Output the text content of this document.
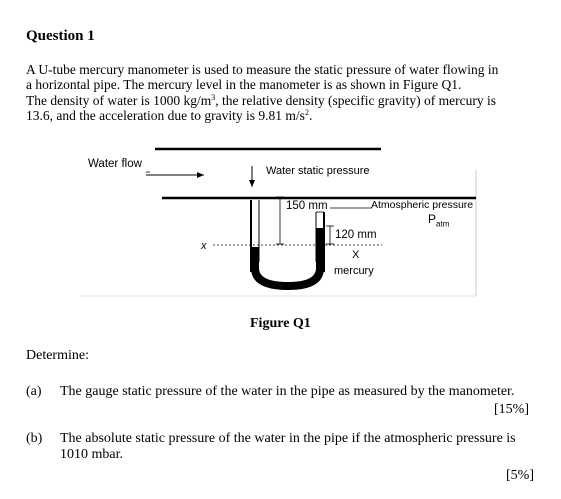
Question 1
A U-tube mercury manometer is used to measure the static pressure of water flowing in
a horizontal pipe. The mercury level in the manometer is as shown in Figure Q1.
The density of water is 1000 $kg/m^3$, the relative density (specific gravity) of mercury is
13.6, and the acceleration due to gravity is 9.81 $m/s^2$.
Water flow
Water static pressure
150 mm
120 mm
Atmospheric pressure
$P_{atm}$
x
X
mercury
Figure Q1
Determine:
(a) The gauge static pressure of the water in the pipe as measured by the manometer.
[15%]
(b) The absolute static pressure of the water in the pipe if the atmospheric pressure is
1010 mbar.
[5%]
